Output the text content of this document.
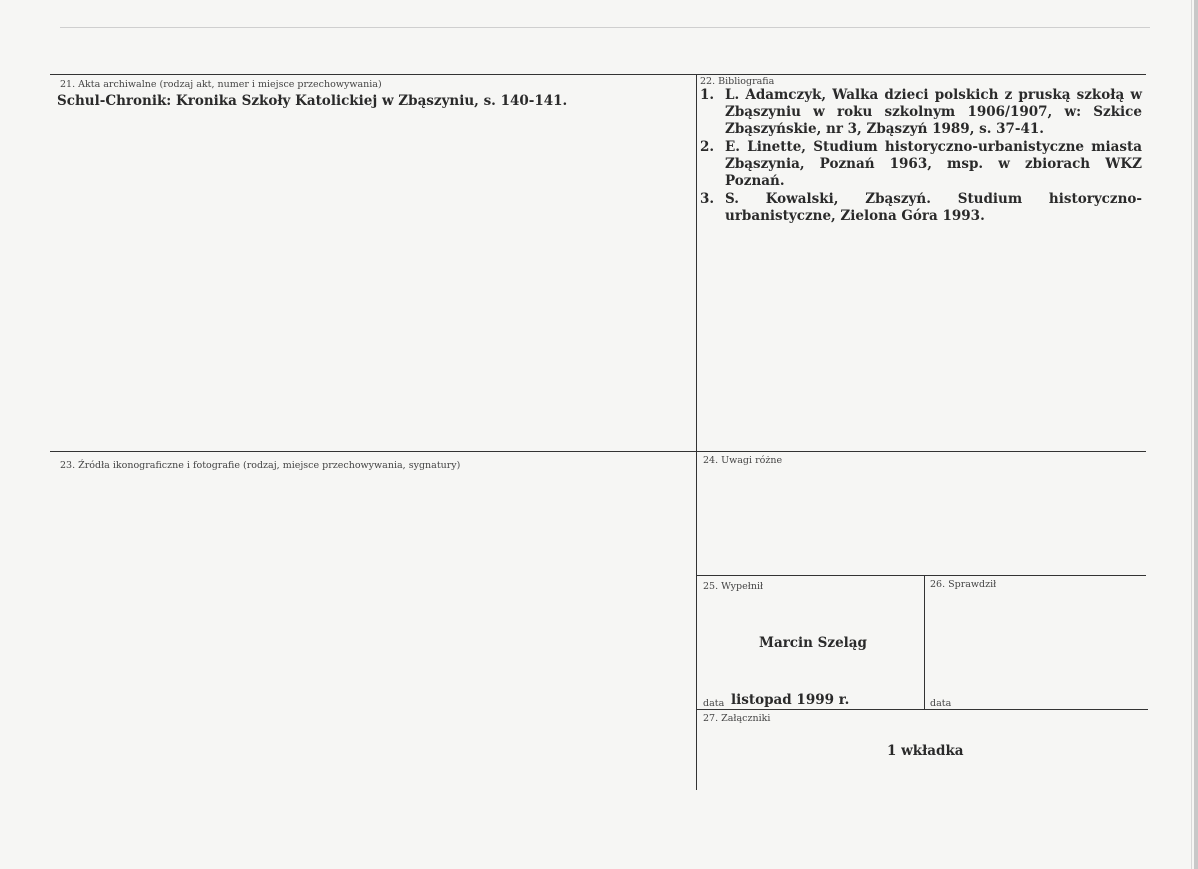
21. Akta archiwalne (rodzaj akt, numer i miejsce przechowywania)
Schul-Chronik: Kronika Szkoły Katolickiej w Zbąszyniu, s. 140-141.
22. Bibliografia
1. L. Adamczyk, Walka dzieci polskich z pruską szkołą w Zbąszyniu w roku szkolnym 1906/1907, w: Szkice Zbąszyńskie, nr 3, Zbąszyń 1989, s. 37-41.
2. E. Linette, Studium historyczno-urbanistyczne miasta Zbąszynia, Poznań 1963, msp. w zbiorach WKZ Poznań.
3. S. Kowalski, Zbąszyń. Studium historyczno-urbanistyczne, Zielona Góra 1993.
23. Źródła ikonograficzne i fotografie (rodzaj, miejsce przechowywania, sygnatury)	24. Uwagi różne
25. Wypełnił
Marcin Szeląg
data listopad 1999 r.
26. Sprawdził
data
27. Załączniki
1 wkładka
